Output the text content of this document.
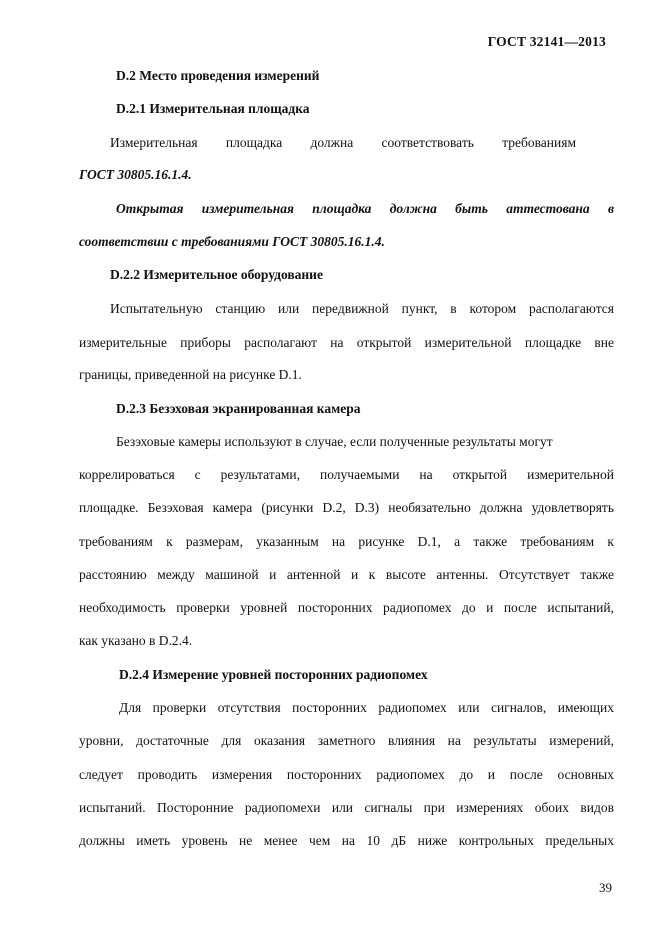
ГОСТ 32141—2013
D.2 Место проведения измерений
D.2.1 Измерительная площадка
Измерительная площадка должна соответствовать требованиям
ГОСТ 30805.16.1.4.
Открытая измерительная площадка должна быть аттестована в
соответствии с требованиями ГОСТ 30805.16.1.4.
D.2.2 Измерительное оборудование
Испытательную станцию или передвижной пункт, в котором располагаются
измерительные приборы располагают на открытой измерительной площадке вне
границы, приведенной на рисунке D.1.
D.2.3 Безэховая экранированная камера
Безэховые камеры используют в случае, если полученные результаты могут
коррелироваться с результатами, получаемыми на открытой измерительной
площадке. Безэховая камера (рисунки D.2, D.3) необязательно должна удовлетворять
требованиям к размерам, указанным на рисунке D.1, а также требованиям к
расстоянию между машиной и антенной и к высоте антенны. Отсутствует также
необходимость проверки уровней посторонних радиопомех до и после испытаний,
как указано в D.2.4.
D.2.4 Измерение уровней посторонних радиопомех
Для проверки отсутствия посторонних радиопомех или сигналов, имеющих
уровни, достаточные для оказания заметного влияния на результаты измерений,
следует проводить измерения посторонних радиопомех до и после основных
испытаний. Посторонние радиопомехи или сигналы при измерениях обоих видов
должны иметь уровень не менее чем на 10 дБ ниже контрольных предельных
39
